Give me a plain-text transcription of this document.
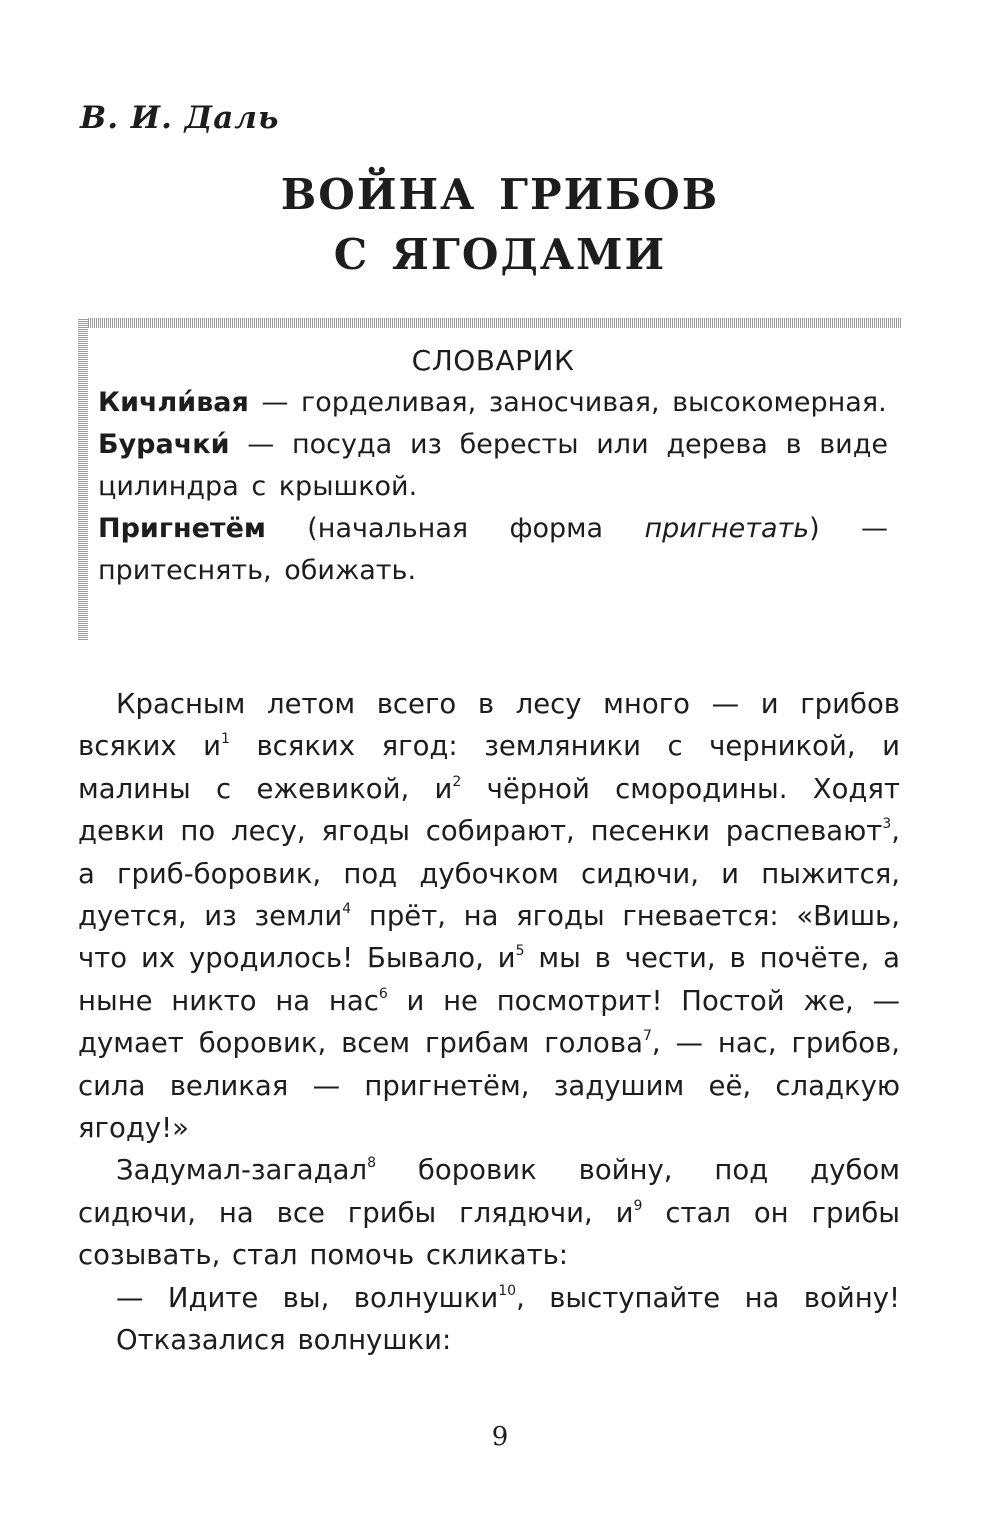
В. И. Даль
ВОЙНА ГРИБОВ
С ЯГОДАМИ
СЛОВАРИК

Кичли́вая — горделивая, заносчивая, высокомерная.

Бурачки́ — посуда из бересты или дерева в виде цилиндра с крышкой.

Пригнетём (начальная форма пригнетать) — притеснять, обижать.

Красным летом всего в лесу много — и грибов всяких $и^1$ всяких ягод: земляники с черникой, и малины с ежевикой, $и^2$ чёрной смородины. Ходят девки по лесу, ягоды собирают, песенки распевают$^3$, а гриб-боровик, под дубочком сидючи, и пыжится, дуется, из земли$^4$ прёт, на ягоды гневается: «Вишь, что их уродилось! Бывало, $и^5$ мы в чести, в почёте, а ныне никто на нас$^6$ и не посмотрит! Постой же, — думает боровик, всем грибам голова$^7$, — нас, грибов, сила великая — пригнетём, задушим её, сладкую ягоду!»

Задумал-загадал$^8$ боровик войну, под дубом сидючи, на все грибы глядючи, $и^9$ стал он грибы созывать, стал помочь скликать:

— Идите вы, волнушки$^{10}$, выступайте на войну!

Отказалися волнушки:

9
